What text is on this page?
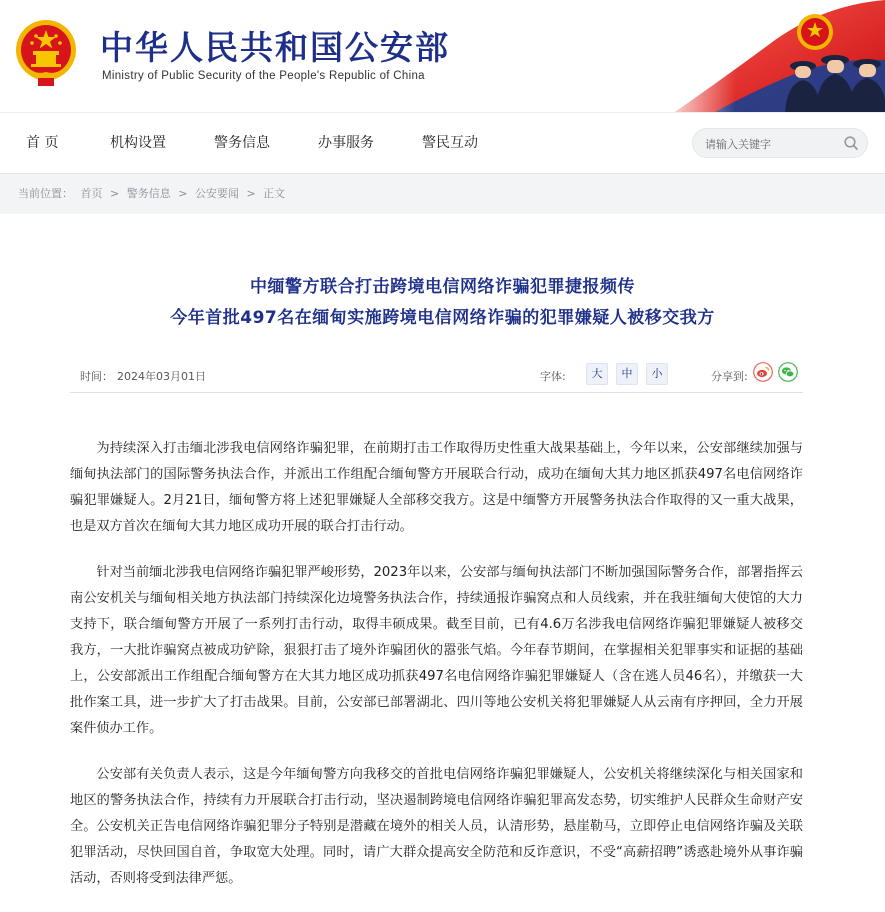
中华人民共和国公安部
Ministry of Public Security of the People's Republic of China
首 页	机构设置	警务信息	办事服务	警民互动
请输入关键字
当前位置： 首页 > 警务信息 > 公安要闻 > 正文
中缅警方联合打击跨境电信网络诈骗犯罪捷报频传
今年首批497名在缅甸实施跨境电信网络诈骗的犯罪嫌疑人被移交我方
时间： 2024年03月01日	字体:	大	中	小	分享到:

为持续深入打击缅北涉我电信网络诈骗犯罪，在前期打击工作取得历史性重大战果基础上，今年以来，公安部继续加强与缅甸执法部门的国际警务执法合作，并派出工作组配合缅甸警方开展联合行动，成功在缅甸大其力地区抓获497名电信网络诈骗犯罪嫌疑人。2月21日，缅甸警方将上述犯罪嫌疑人全部移交我方。这是中缅警方开展警务执法合作取得的又一重大战果，也是双方首次在缅甸大其力地区成功开展的联合打击行动。

针对当前缅北涉我电信网络诈骗犯罪严峻形势，2023年以来，公安部与缅甸执法部门不断加强国际警务合作，部署指挥云南公安机关与缅甸相关地方执法部门持续深化边境警务执法合作，持续通报诈骗窝点和人员线索，并在我驻缅甸大使馆的大力支持下，联合缅甸警方开展了一系列打击行动，取得丰硕成果。截至目前，已有4.6万名涉我电信网络诈骗犯罪嫌疑人被移交我方，一大批诈骗窝点被成功铲除，狠狠打击了境外诈骗团伙的嚣张气焰。今年春节期间，在掌握相关犯罪事实和证据的基础上，公安部派出工作组配合缅甸警方在大其力地区成功抓获497名电信网络诈骗犯罪嫌疑人（含在逃人员46名），并缴获一大批作案工具，进一步扩大了打击战果。目前，公安部已部署湖北、四川等地公安机关将犯罪嫌疑人从云南有序押回，全力开展案件侦办工作。

公安部有关负责人表示，这是今年缅甸警方向我移交的首批电信网络诈骗犯罪嫌疑人，公安机关将继续深化与相关国家和地区的警务执法合作，持续有力开展联合打击行动，坚决遏制跨境电信网络诈骗犯罪高发态势，切实维护人民群众生命财产安全。公安机关正告电信网络诈骗犯罪分子特别是潜藏在境外的相关人员，认清形势，悬崖勒马，立即停止电信网络诈骗及关联犯罪活动，尽快回国自首，争取宽大处理。同时，请广大群众提高安全防范和反诈意识，不受“高薪招聘”诱惑赴境外从事诈骗活动，否则将受到法律严惩。
